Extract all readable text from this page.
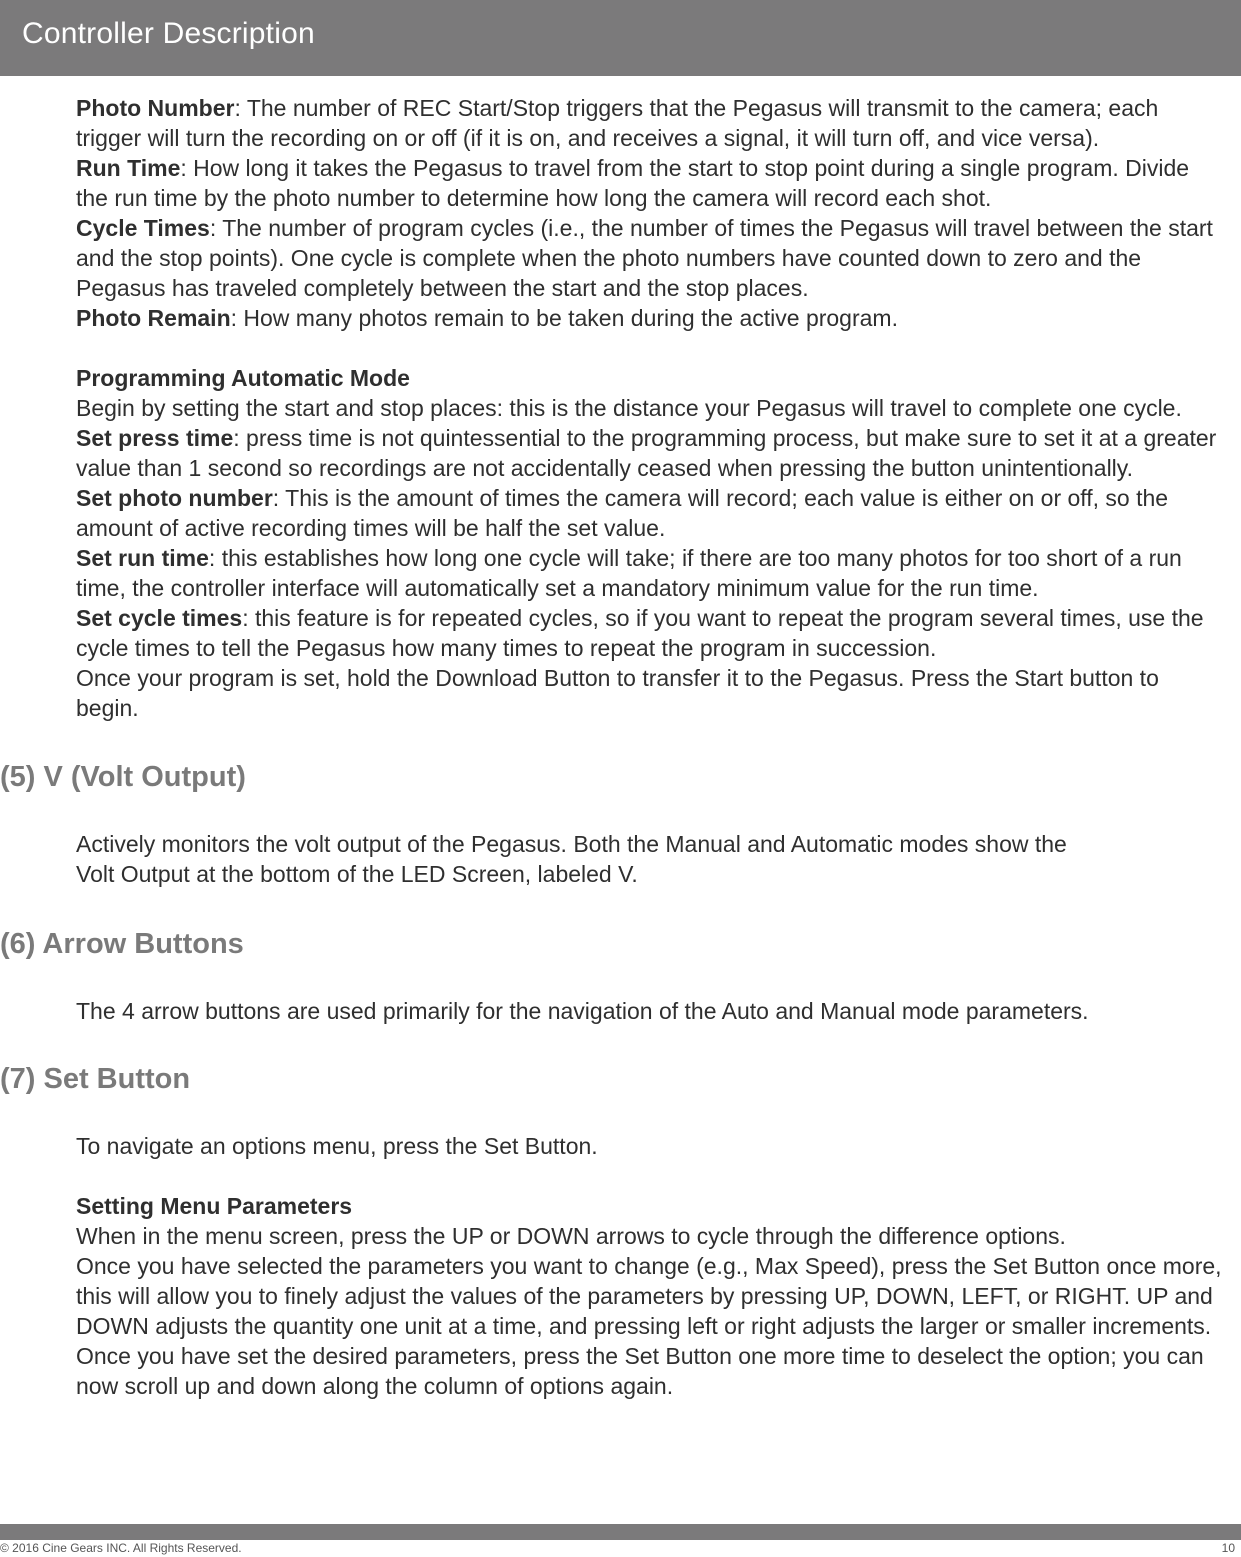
Controller Description

Photo Number: The number of REC Start/Stop triggers that the Pegasus will transmit to the camera; each trigger will turn the recording on or off (if it is on, and receives a signal, it will turn off, and vice versa).

Run Time: How long it takes the Pegasus to travel from the start to stop point during a single program. Divide the run time by the photo number to determine how long the camera will record each shot.

Cycle Times: The number of program cycles (i.e., the number of times the Pegasus will travel between the start and the stop points). One cycle is complete when the photo numbers have counted down to zero and the Pegasus has traveled completely between the start and the stop places.

Photo Remain: How many photos remain to be taken during the active program.

Programming Automatic Mode

Begin by setting the start and stop places: this is the distance your Pegasus will travel to complete one cycle.

Set press time: press time is not quintessential to the programming process, but make sure to set it at a greater value than 1 second so recordings are not accidentally ceased when pressing the button unintentionally.

Set photo number: This is the amount of times the camera will record; each value is either on or off, so the amount of active recording times will be half the set value.

Set run time: this establishes how long one cycle will take; if there are too many photos for too short of a run time, the controller interface will automatically set a mandatory minimum value for the run time.

Set cycle times: this feature is for repeated cycles, so if you want to repeat the program several times, use the cycle times to tell the Pegasus how many times to repeat the program in succession.

Once your program is set, hold the Download Button to transfer it to the Pegasus. Press the Start button to begin.

(5) V (Volt Output)

Actively monitors the volt output of the Pegasus. Both the Manual and Automatic modes show the

Volt Output at the bottom of the LED Screen, labeled V.

(6) Arrow Buttons

The 4 arrow buttons are used primarily for the navigation of the Auto and Manual mode parameters.

(7) Set Button

To navigate an options menu, press the Set Button.

Setting Menu Parameters

When in the menu screen, press the UP or DOWN arrows to cycle through the difference options.

Once you have selected the parameters you want to change (e.g., Max Speed), press the Set Button once more, this will allow you to finely adjust the values of the parameters by pressing UP, DOWN, LEFT, or RIGHT. UP and DOWN adjusts the quantity one unit at a time, and pressing left or right adjusts the larger or smaller increments. Once you have set the desired parameters, press the Set Button one more time to deselect the option; you can now scroll up and down along the column of options again.

© 2016 Cine Gears INC. All Rights Reserved.	10
